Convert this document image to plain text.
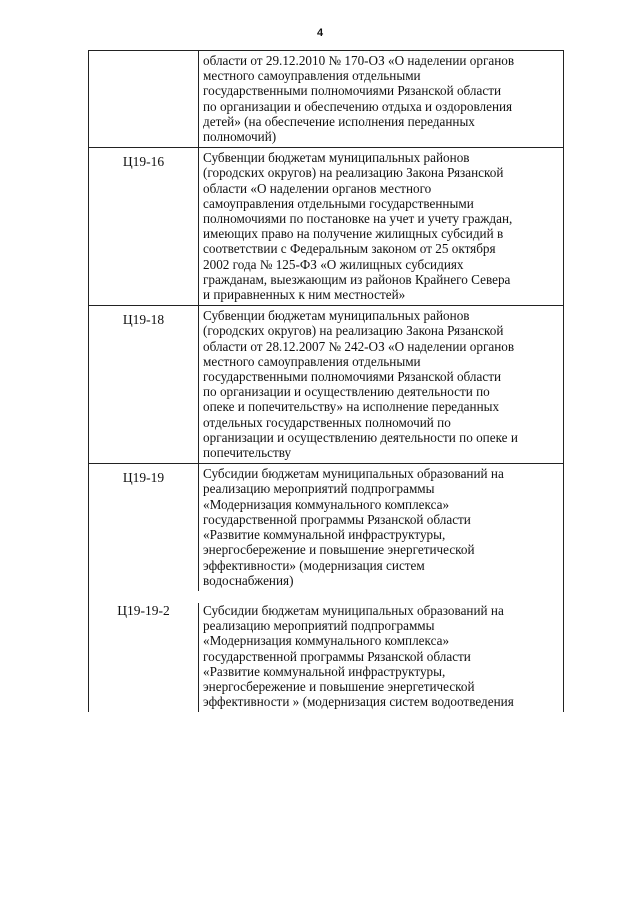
4
области от 29.12.2010 № 170-ОЗ «О наделении органов
местного самоуправления отдельными
государственными полномочиями Рязанской области
по организации и обеспечению отдыха и оздоровления
детей» (на обеспечение исполнения переданных
полномочий)
Ц19-16	Субвенции бюджетам муниципальных районов
(городских округов) на реализацию Закона Рязанской
области «О наделении органов местного
самоуправления отдельными государственными
полномочиями по постановке на учет и учету граждан,
имеющих право на получение жилищных субсидий в
соответствии с Федеральным законом от 25 октября
2002 года № 125-ФЗ «О жилищных субсидиях
гражданам, выезжающим из районов Крайнего Севера
и приравненных к ним местностей»
Ц19-18	Субвенции бюджетам муниципальных районов
(городских округов) на реализацию Закона Рязанской
области от 28.12.2007 № 242-ОЗ «О наделении органов
местного самоуправления отдельными
государственными полномочиями Рязанской области
по организации и осуществлению деятельности по
опеке и попечительству» на исполнение переданных
отдельных государственных полномочий по
организации и осуществлению деятельности по опеке и
попечительству
Ц19-19	Субсидии бюджетам муниципальных образований на
реализацию мероприятий подпрограммы
«Модернизация коммунального комплекса»
государственной программы Рязанской области
«Развитие коммунальной инфраструктуры,
энергосбережение и повышение энергетической
эффективности» (модернизация систем
водоснабжения)
Ц19-19-2	Субсидии бюджетам муниципальных образований на
реализацию мероприятий подпрограммы
«Модернизация коммунального комплекса»
государственной программы Рязанской области
«Развитие коммунальной инфраструктуры,
энергосбережение и повышение энергетической
эффективности » (модернизация систем водоотведения
